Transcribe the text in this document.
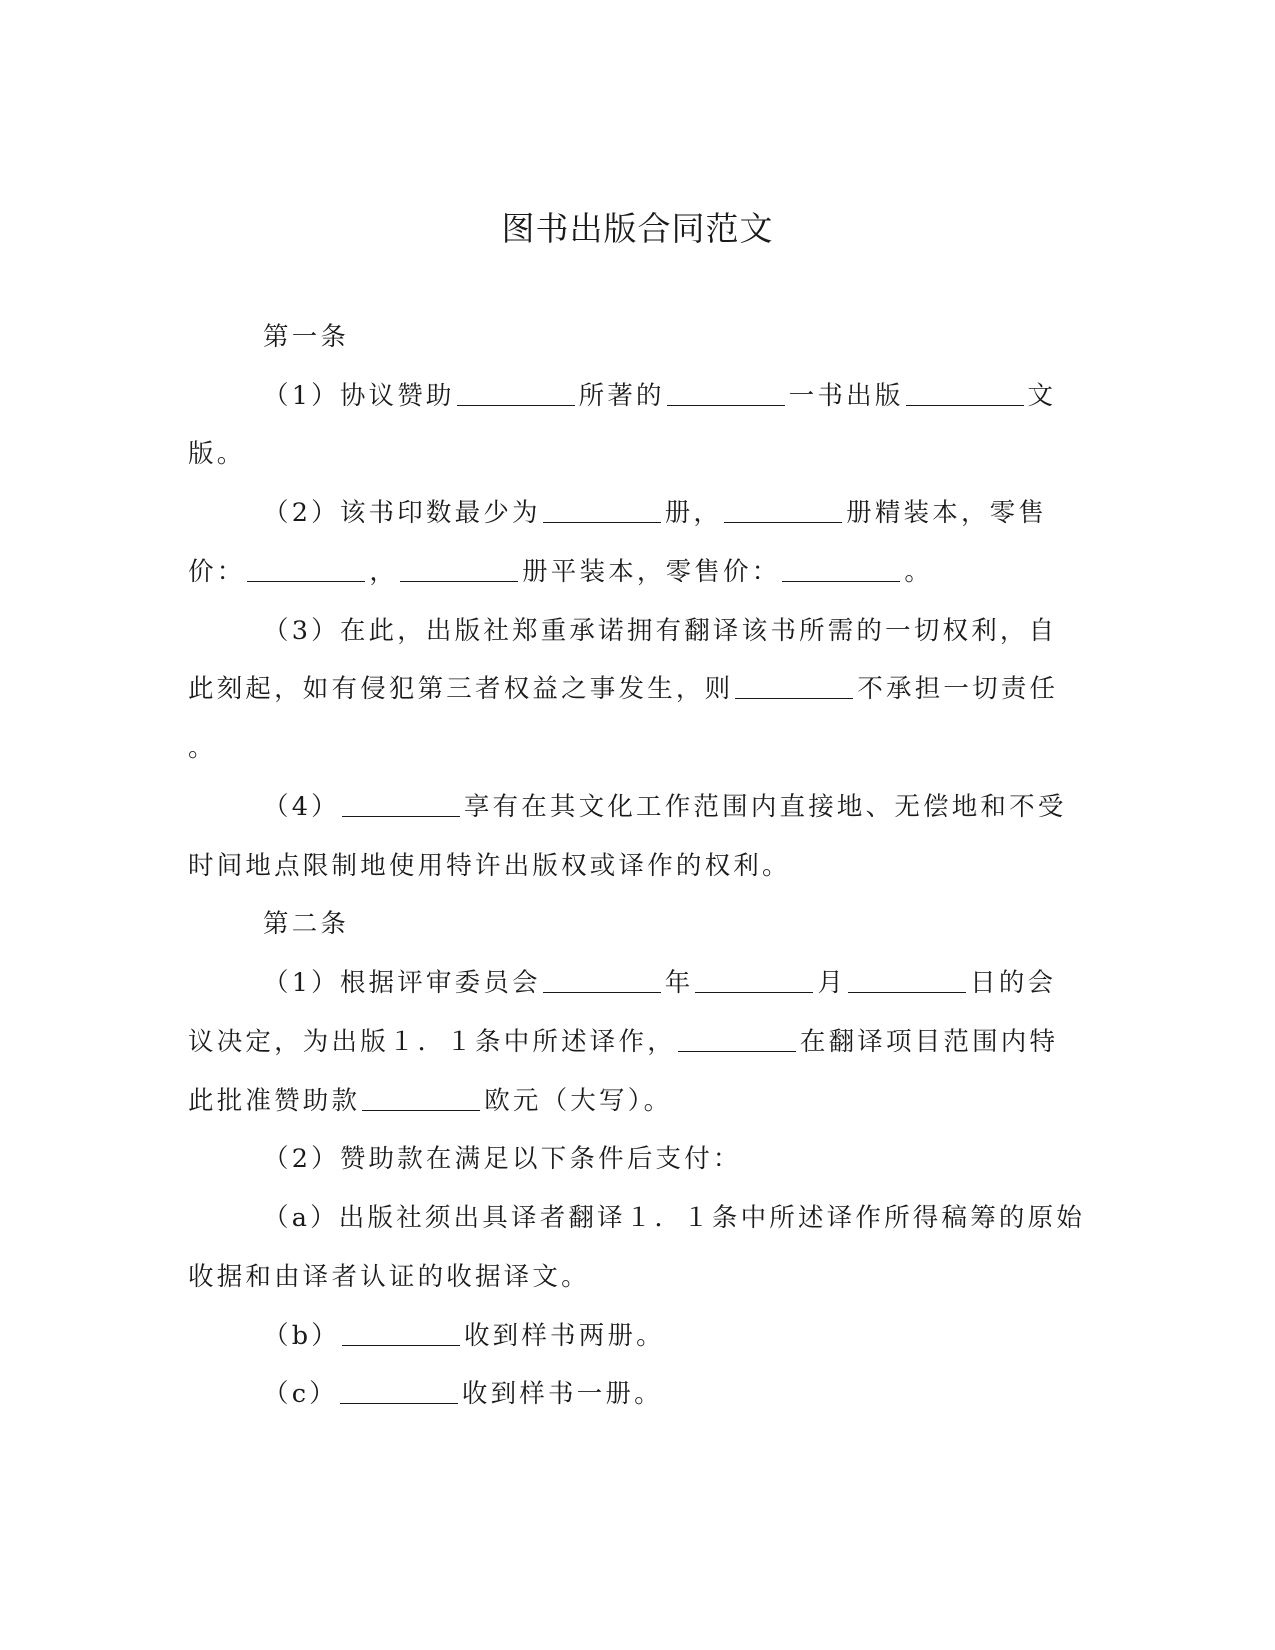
图书出版合同范文
第一条
（1）协议赞助	所著的	一书出版	文
版。
（2）该书印数最少为	册，	册精装本，零售
价：	，	册平装本，零售价：	。
（3）在此，出版社郑重承诺拥有翻译该书所需的一切权利，自
此刻起，如有侵犯第三者权益之事发生，则	不承担一切责任
。
（4）	享有在其文化工作范围内直接地、无偿地和不受
时间地点限制地使用特许出版权或译作的权利。
第二条
（1）根据评审委员会	年	月	日的会
议决定，为出版１．１条中所述译作，	在翻译项目范围内特
此批准赞助款	欧元（大写）。
（2）赞助款在满足以下条件后支付：
（a）出版社须出具译者翻译１．１条中所述译作所得稿筹的原始
收据和由译者认证的收据译文。
（b）	收到样书两册。
（c）	收到样书一册。
